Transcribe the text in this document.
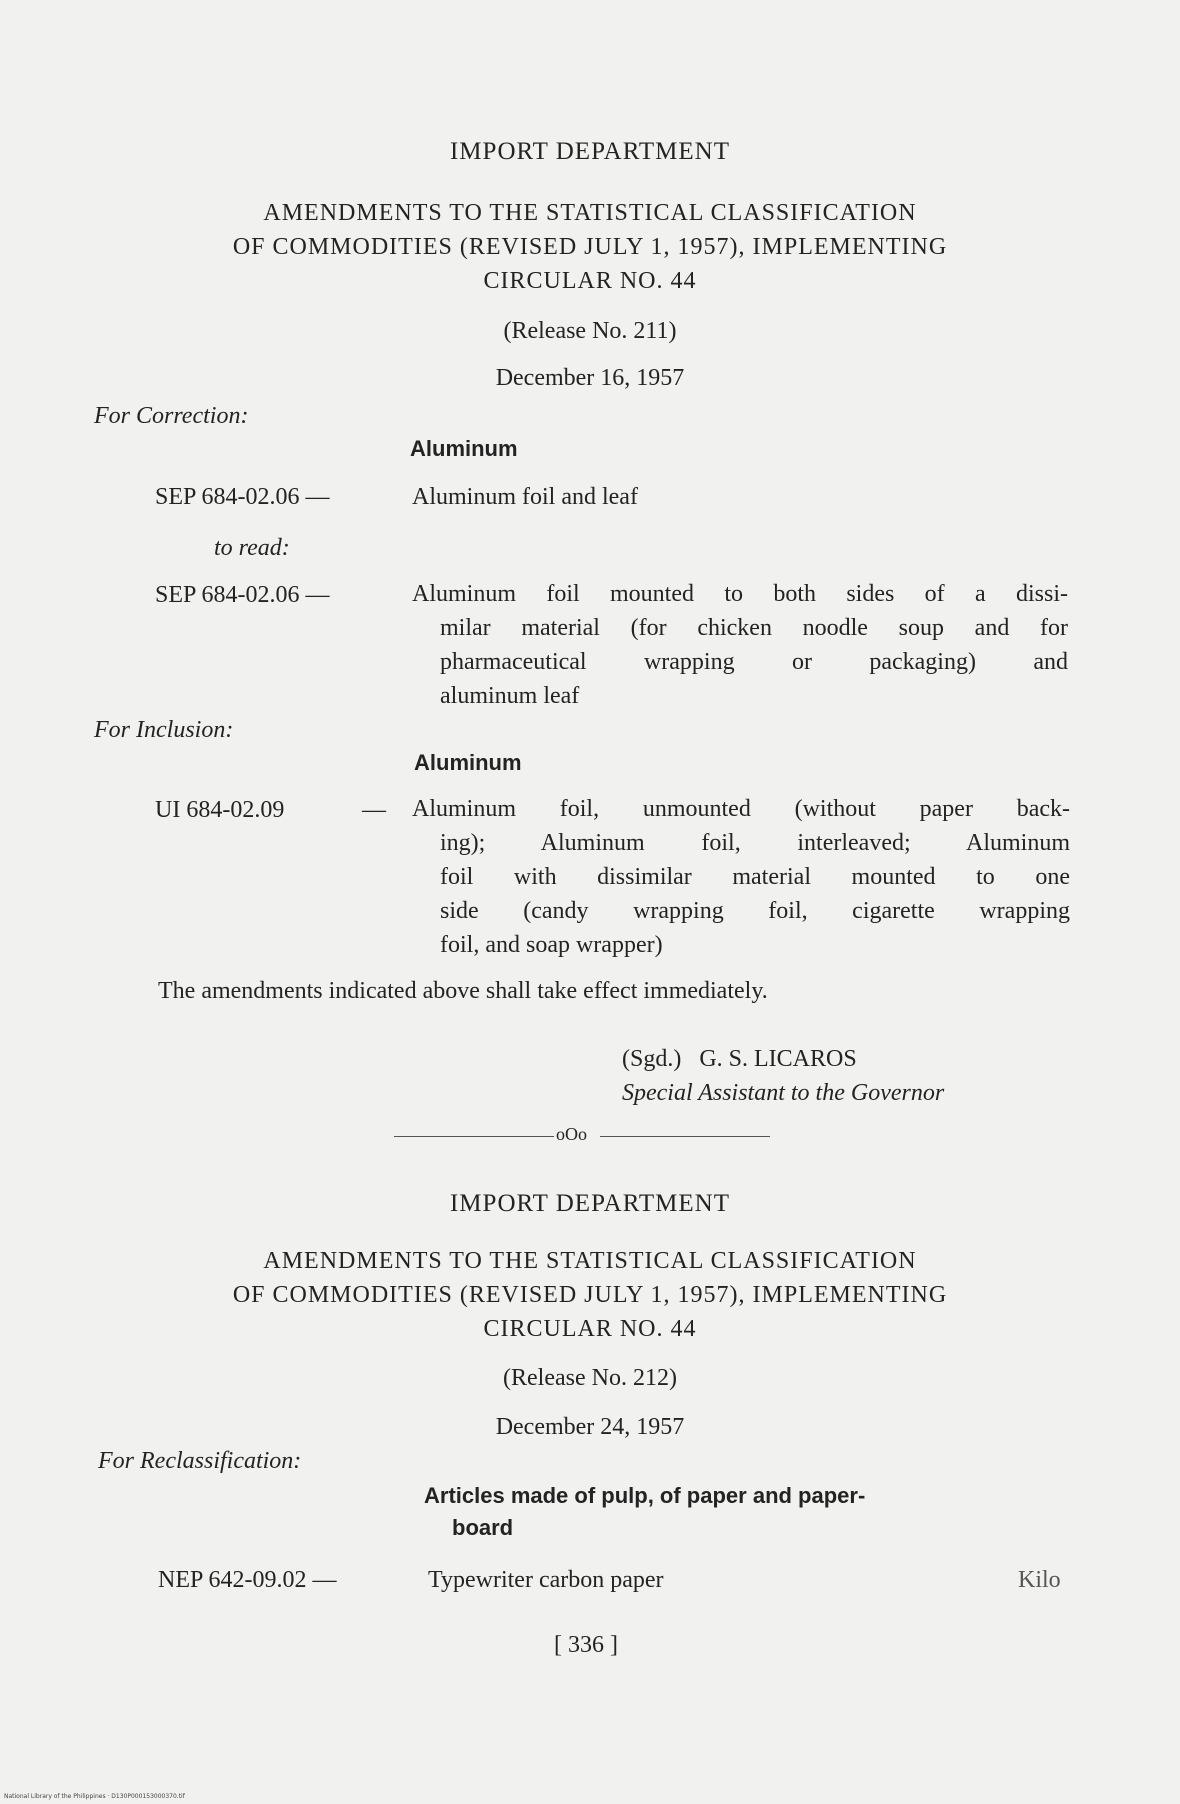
IMPORT DEPARTMENT
AMENDMENTS TO THE STATISTICAL CLASSIFICATION
OF COMMODITIES (REVISED JULY 1, 1957), IMPLEMENTING
CIRCULAR NO. 44
(Release No. 211)
December 16, 1957
For Correction:
Aluminum
SEP 684-02.06 —	Aluminum foil and leaf
to read:
SEP 684-02.06 —	Aluminum foil mounted to both sides of a dissi-
milar material (for chicken noodle soup and for
pharmaceutical wrapping or packaging) and
aluminum leaf
For Inclusion:
Aluminum
UI 684-02.09	— Aluminum foil, unmounted (without paper back-
ing); Aluminum foil, interleaved; Aluminum
foil with dissimilar material mounted to one
side (candy wrapping foil, cigarette wrapping
foil, and soap wrapper)
The amendments indicated above shall take effect immediately.
(Sgd.)   G. S. LICAROS
Special Assistant to the Governor
oOo
IMPORT DEPARTMENT
AMENDMENTS TO THE STATISTICAL CLASSIFICATION
OF COMMODITIES (REVISED JULY 1, 1957), IMPLEMENTING
CIRCULAR NO. 44
(Release No. 212)
December 24, 1957
For Reclassification:
Articles made of pulp, of paper and paper-
board
NEP 642-09.02 —	Typewriter carbon paper	Kilo
[ 336 ]
National Library of the Philippines · D130P000153000370.tif
